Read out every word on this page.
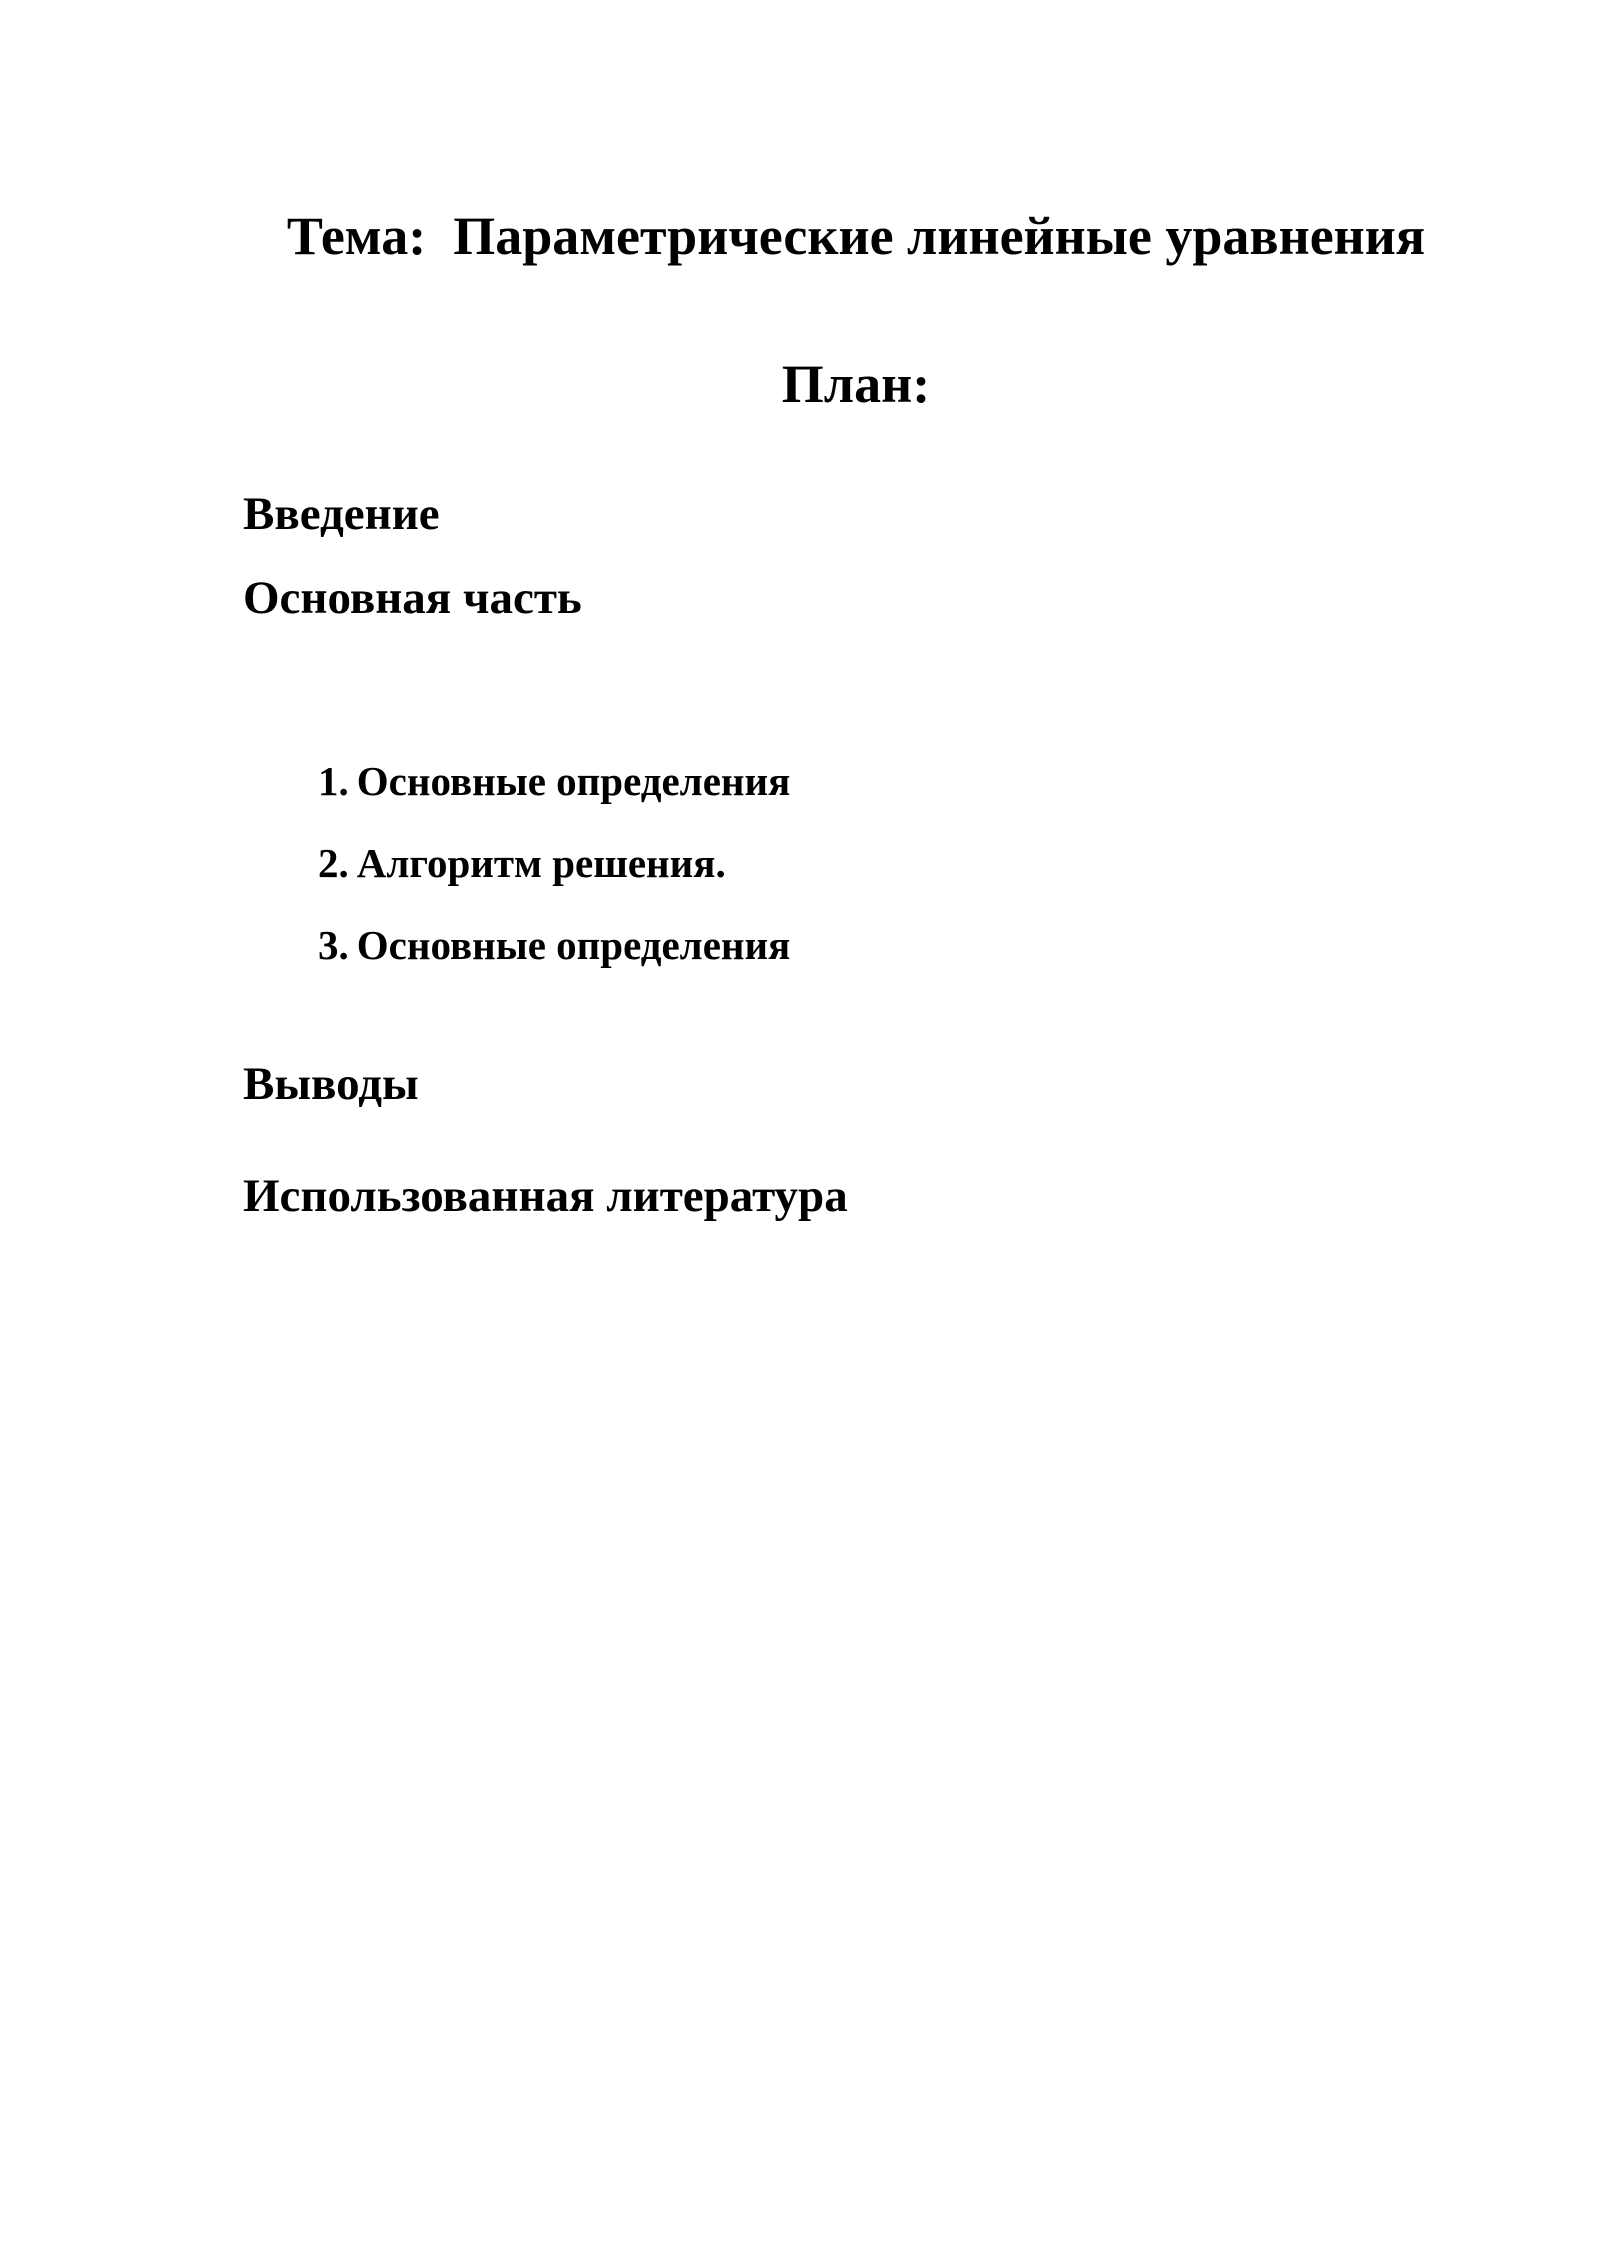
Тема:  Параметрические линейные уравнения
План:
Введение
Основная часть
1. Основные определения
2. Алгоритм решения.
3. Основные определения
Выводы
Использованная литература
